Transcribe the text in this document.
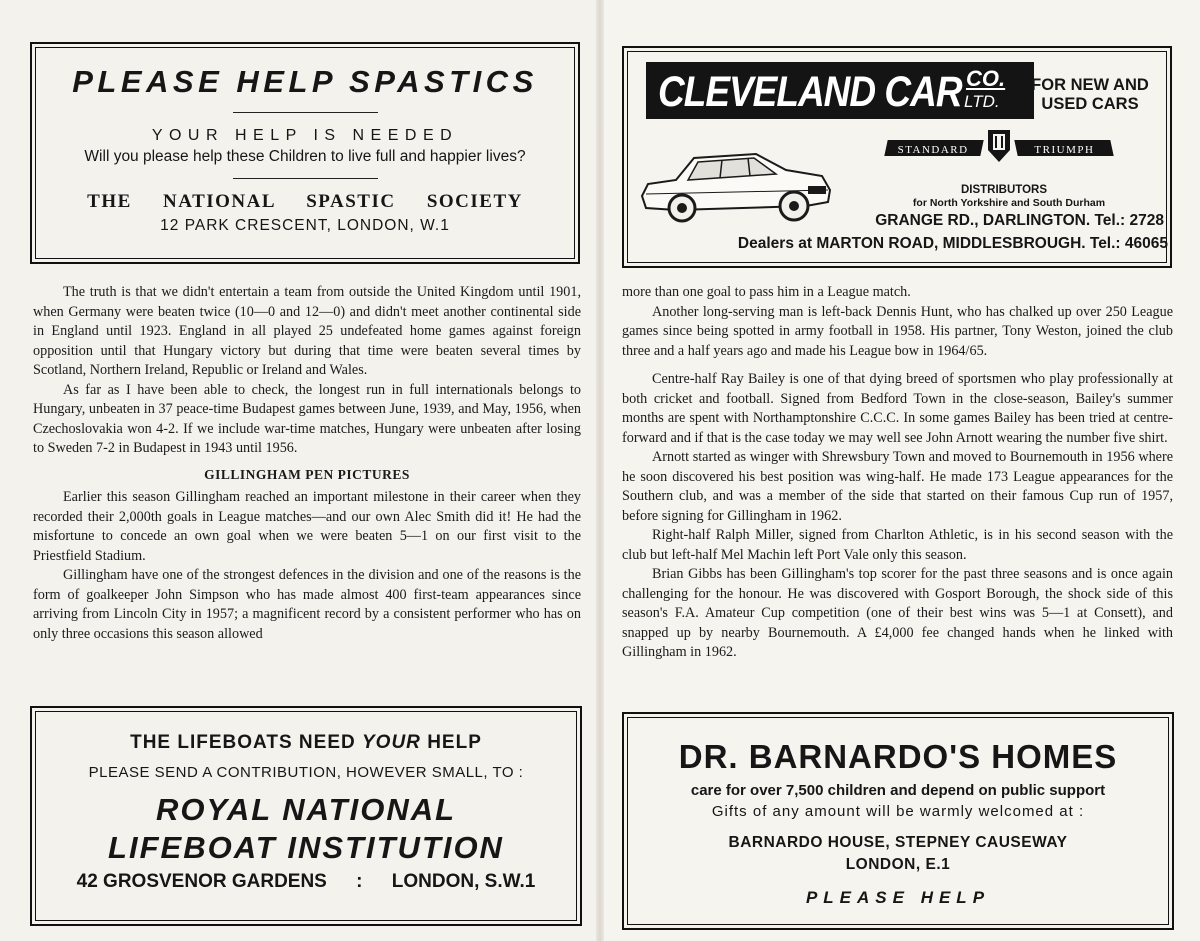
PLEASE HELP SPASTICS
YOUR HELP IS NEEDED
Will you please help these Children to live full and happier lives?
THE NATIONAL SPASTIC SOCIETY
12 PARK CRESCENT, LONDON, W.1
CLEVELAND CAR CO.
LTD.
FOR NEW AND USED CARS
STANDARD	TRIUMPH
DISTRIBUTORS
for North Yorkshire and South Durham
GRANGE RD., DARLINGTON. Tel.: 2728
Dealers at MARTON ROAD, MIDDLESBROUGH. Tel.: 46065

The truth is that we didn't entertain a team from outside the United Kingdom until 1901, when Germany were beaten twice (10—0 and 12—0) and didn't meet another continental side in England until 1923. England in all played 25 undefeated home games against foreign opposition until that Hungary victory but during that time were beaten several times by Scotland, Northern Ireland, Republic or Ireland and Wales.

As far as I have been able to check, the longest run in full internationals belongs to Hungary, unbeaten in 37 peace-time Budapest games between June, 1939, and May, 1956, when Czechoslovakia won 4-2. If we include war-time matches, Hungary were unbeaten after losing to Sweden 7-2 in Budapest in 1943 until 1956.

GILLINGHAM PEN PICTURES

Earlier this season Gillingham reached an important milestone in their career when they recorded their 2,000th goals in League matches—and our own Alec Smith did it! He had the misfortune to concede an own goal when we were beaten 5—1 on our first visit to the Priestfield Stadium.

Gillingham have one of the strongest defences in the division and one of the reasons is the form of goalkeeper John Simpson who has made almost 400 first-team appearances since arriving from Lincoln City in 1957; a magnificent record by a consistent performer who has on only three occasions this season allowed

more than one goal to pass him in a League match.

Another long-serving man is left-back Dennis Hunt, who has chalked up over 250 League games since being spotted in army football in 1958. His partner, Tony Weston, joined the club three and a half years ago and made his League bow in 1964/65.

Centre-half Ray Bailey is one of that dying breed of sportsmen who play professionally at both cricket and football. Signed from Bedford Town in the close-season, Bailey's summer months are spent with Northamptonshire C.C.C. In some games Bailey has been tried at centre-forward and if that is the case today we may well see John Arnott wearing the number five shirt.

Arnott started as winger with Shrewsbury Town and moved to Bournemouth in 1956 where he soon discovered his best position was wing-half. He made 173 League appearances for the Southern club, and was a member of the side that started on their famous Cup run of 1957, before signing for Gillingham in 1962.

Right-half Ralph Miller, signed from Charlton Athletic, is in his second season with the club but left-half Mel Machin left Port Vale only this season.

Brian Gibbs has been Gillingham's top scorer for the past three seasons and is once again challenging for the honour. He was discovered with Gosport Borough, the shock side of this season's F.A. Amateur Cup competition (one of their best wins was 5—1 at Consett), and snapped up by nearby Bournemouth. A £4,000 fee changed hands when he linked with Gillingham in 1962.

THE LIFEBOATS NEED YOUR HELP
PLEASE SEND A CONTRIBUTION, HOWEVER SMALL, TO :
ROYAL NATIONAL
LIFEBOAT INSTITUTION
42 GROSVENOR GARDENS : LONDON, S.W.1
DR. BARNARDO'S HOMES
care for over 7,500 children and depend on public support
Gifts of any amount will be warmly welcomed at :
BARNARDO HOUSE, STEPNEY CAUSEWAY
LONDON, E.1
PLEASE HELP
